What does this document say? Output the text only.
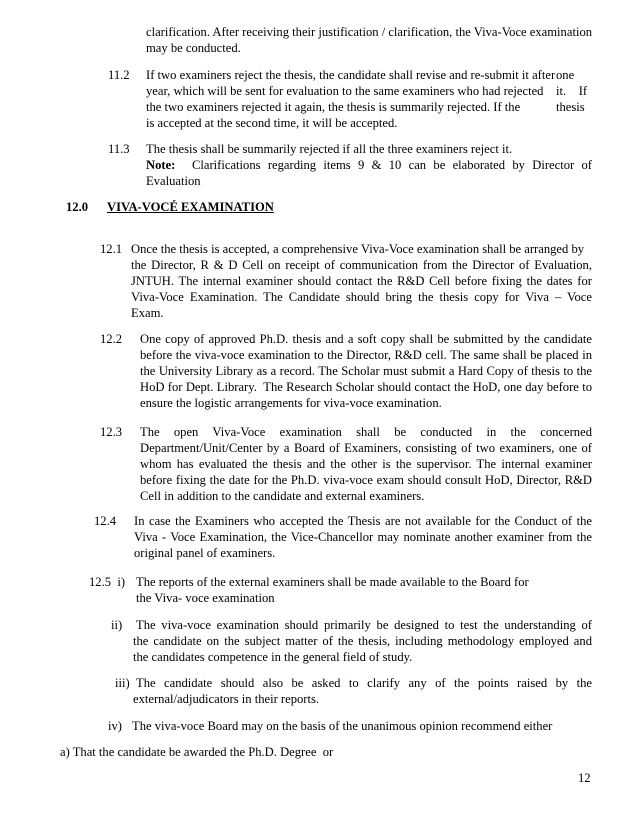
clarification. After receiving their justification / clarification, the Viva-Voce examination
may be conducted.
11.2 If two examiners reject the thesis, the candidate shall revise and re-submit it after
year, which will be sent for evaluation to the same examiners who had rejected
the two examiners rejected it again, the thesis is summarily rejected. If the
is accepted at the second time, it will be accepted.
one
it.    If
thesis
11.3 The thesis shall be summarily rejected if all the three examiners reject it.
Note: Clarifications regarding items 9 & 10 can be elaborated by Director of
Evaluation
12.0 VIVA-VOCÉ EXAMINATION
12.1 Once the thesis is accepted, a comprehensive Viva-Voce examination shall be arranged by
the Director, R & D Cell on receipt of communication from the Director of Evaluation,
JNTUH. The internal examiner should contact the R&D Cell before fixing the dates for
Viva-Voce Examination. The Candidate should bring the thesis copy for Viva – Voce
Exam.
12.2 One copy of approved Ph.D. thesis and a soft copy shall be submitted by the candidate
before the viva-voce examination to the Director, R&D cell. The same shall be placed in
the University Library as a record. The Scholar must submit a Hard Copy of thesis to the
HoD for Dept. Library.  The Research Scholar should contact the HoD, one day before to
ensure the logistic arrangements for viva-voce examination.
12.3 The open Viva-Voce examination shall be conducted in the concerned
Department/Unit/Center by a Board of Examiners, consisting of two examiners, one of
whom has evaluated the thesis and the other is the supervisor. The internal examiner
before fixing the date for the Ph.D. viva-voce exam should consult HoD, Director, R&D
Cell in addition to the candidate and external examiners.
12.4 In case the Examiners who accepted the Thesis are not available for the Conduct of the
Viva - Voce Examination, the Vice-Chancellor may nominate another examiner from the
original panel of examiners.
12.5  i) The reports of the external examiners shall be made available to the Board for
the Viva- voce examination
ii) The viva-voce examination should primarily be designed to test the understanding of
the candidate on the subject matter of the thesis, including methodology employed and
the candidates competence in the general field of study.
iii) The candidate should also be asked to clarify any of the points raised by the
external/adjudicators in their reports.
iv) The viva-voce Board may on the basis of the unanimous opinion recommend either
a) That the candidate be awarded the Ph.D. Degree  or
12
